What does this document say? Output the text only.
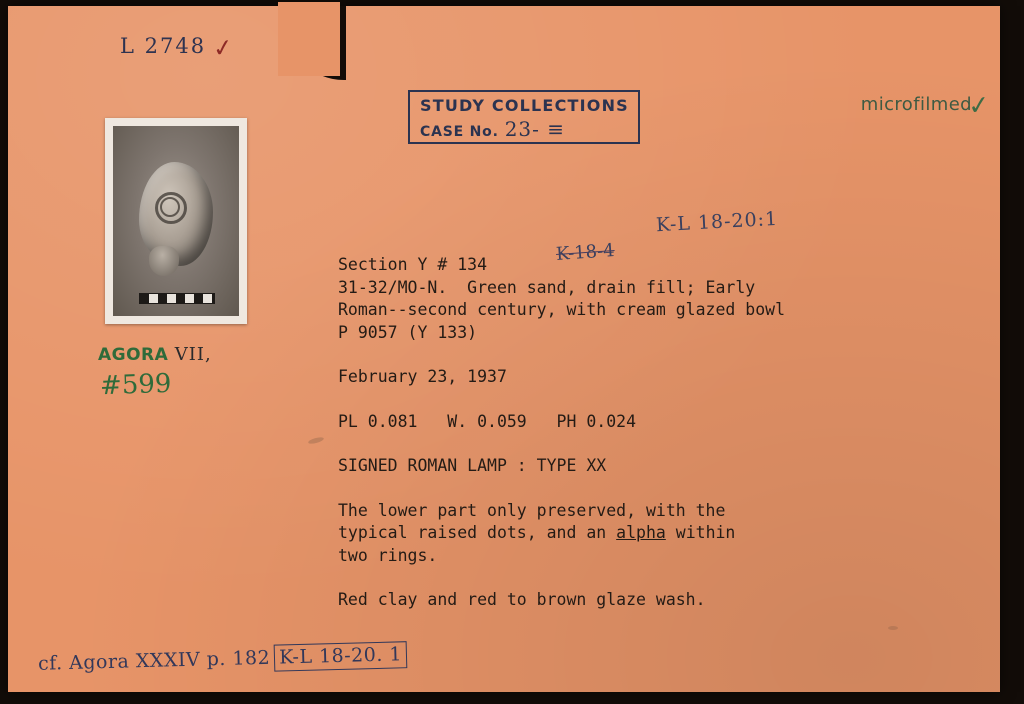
L 2748 ✓
AGORA VII,
#599
STUDY COLLECTIONS
CASE No. 23- ≡
microfilmed
✓
K-L 18-20:1
K-18-4

Section Y # 134

31-32/MO-N.  Green sand, drain fill; Early

Roman--second century, with cream glazed bowl

P 9057 (Y 133)

February 23, 1937

PL 0.081   W. 0.059   PH 0.024

SIGNED ROMAN LAMP : TYPE XX

The lower part only preserved, with the

typical raised dots, and an alpha within

two rings.

Red clay and red to brown glaze wash.

cf. Agora XXXIV p. 182 K-L 18-20. 1
